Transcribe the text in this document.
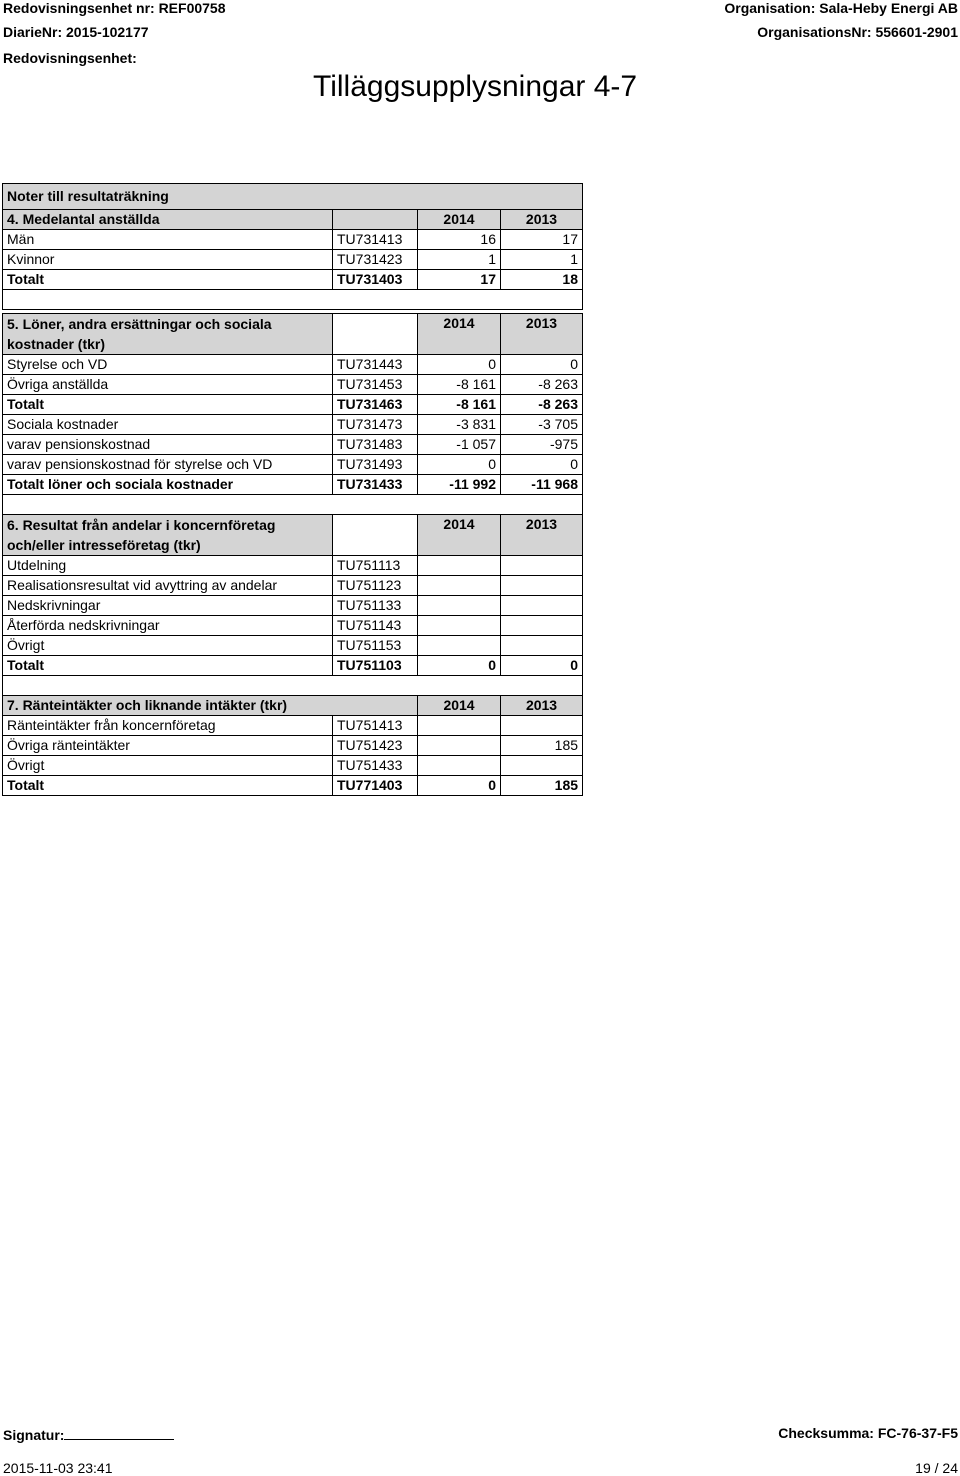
Redovisningsenhet nr: REF00758
DiarieNr: 2015-102177
Redovisningsenhet:
Organisation: Sala-Heby Energi AB
OrganisationsNr: 556601-2901
Tilläggsupplysningar 4-7
Noter till resultaträkning			
4. Medelantal anställda		2014	2013
Män	TU731413	16	17
Kvinnor	TU731423	1	1
Totalt	TU731403	17	18

5. Löner, andra ersättningar och sociala
kostnader (tkr)		2014	2013
Styrelse och VD	TU731443	0	0
Övriga anställda	TU731453	-8 161	-8 263
Totalt	TU731463	-8 161	-8 263
Sociala kostnader	TU731473	-3 831	-3 705
varav pensionskostnad	TU731483	-1 057	-975
varav pensionskostnad för styrelse och VD	TU731493	0	0
Totalt löner och sociala kostnader	TU731433	-11 992	-11 968

6. Resultat från andelar i koncernföretag
och/eller intresseföretag (tkr)		2014	2013
Utdelning	TU751113		
Realisationsresultat vid avyttring av andelar	TU751123		
Nedskrivningar	TU751133		
Återförda nedskrivningar	TU751143		
Övrigt	TU751153		
Totalt	TU751103	0	0

7. Ränteintäkter och liknande intäkter (tkr)		2014	2013
Ränteintäkter från koncernföretag	TU751413		
Övriga ränteintäkter	TU751423		185
Övrigt	TU751433		
Totalt	TU771403	0	185
Signatur:	Checksumma: FC-76-37-F5
2015-11-03 23:41	19 / 24
